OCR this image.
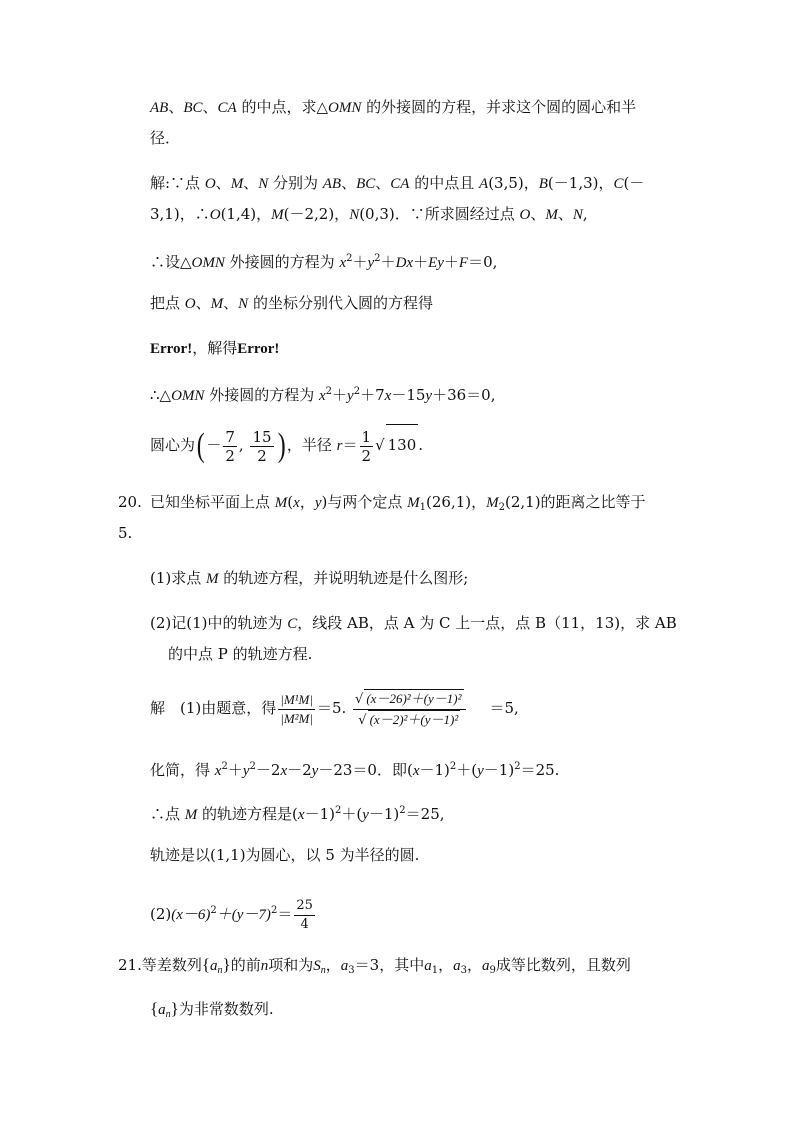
AB、BC、CA 的中点，求△OMN 的外接圆的方程，并求这个圆的圆心和半
径．
解:∵点 O、M、N 分别为 AB、BC、CA 的中点且 A(3,5)，B(－1,3)，C(－
3,1)，∴O(1,4)，M(－2,2)，N(0,3)．∵所求圆经过点 O、M、N,
∴设△OMN 外接圆的方程为 $x^2+y^2+Dx+Ey+F=0$,
把点 O、M、N 的坐标分别代入圆的方程得
Error!，解得Error!
∴△OMN 外接圆的方程为 $x^2+y^2+7x-15y+36=0$,
圆心为( － $\frac{7}{2}$ , $\frac{15}{2}$ ) ，半径 $r= \frac{1}{2}$ √ 130 .
20. 已知坐标平面上点 M(x，y)与两个定点 $M_1(26,1)$，$M_2(2,1)$的距离之比等于
5.
(1)求点 M 的轨迹方程，并说明轨迹是什么图形;
(2)记(1)中的轨迹为 C，线段 AB，点 A 为 C 上一点，点 B（11，13)，求 AB
的中点 P 的轨迹方程.
解　(1)由题意，得 $\frac{\text{|M¹M|}}{\text{|M²M|}} =5$. $\frac{\text{√ (x－26)²＋(y－1)²}}{\text{√ (x－2)²＋(y－1)²}} =5$,
化简，得 $x^2+y^2-2x-2y-23=0$．即$(x-1)^2+(y-1)^2=25$.
∴点 M 的轨迹方程是$(x-1)^2+(y-1)^2=25$,
轨迹是以(1,1)为圆心，以 5 为半径的圆.
$(2)(x-6)^2+(y-7)^2= \frac{25}{4}$
21.等差数列$\{a_n\}$的前n项和为$S_n$，$a_3=3$，其中$a_1$，$a_3$，$a_9$成等比数列，且数列
$\{a_n\}$为非常数数列.
